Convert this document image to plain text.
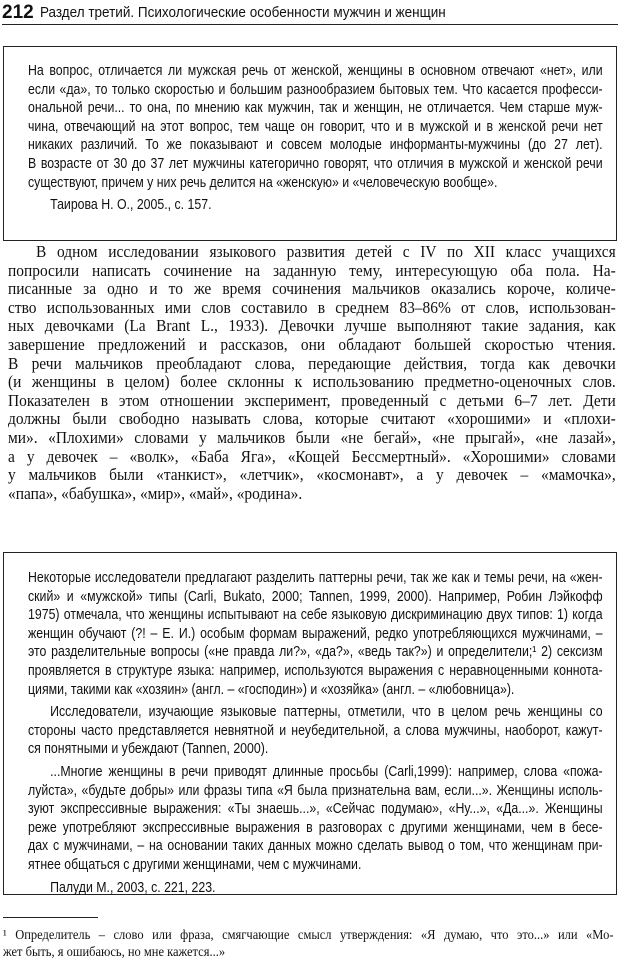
212 Раздел третий. Психологические особенности мужчин и женщин
На вопрос, отличается ли мужская речь от женской, женщины в основном отвечают «нет», или
если «да», то только скоростью и большим разнообразием бытовых тем. Что касается професси-
ональной речи... то она, по мнению как мужчин, так и женщин, не отличается. Чем старше муж-
чина, отвечающий на этот вопрос, тем чаще он говорит, что и в мужской и в женской речи нет
никаких различий. То же показывают и совсем молодые информанты-мужчины (до 27 лет).
В возрасте от 30 до 37 лет мужчины категорично говорят, что отличия в мужской и женской речи
существуют, причем у них речь делится на «женскую» и «человеческую вообще».
Таирова Н. О., 2005., с. 157.
В одном исследовании языкового развития детей с IV по XII класс учащихся
попросили написать сочинение на заданную тему, интересующую оба пола. На-
писанные за одно и то же время сочинения мальчиков оказались короче, количе-
ство использованных ими слов составило в среднем 83–86% от слов, использован-
ных девочками (La Brant L., 1933). Девочки лучше выполняют такие задания, как
завершение предложений и рассказов, они обладают большей скоростью чтения.
В речи мальчиков преобладают слова, передающие действия, тогда как девочки
(и женщины в целом) более склонны к использованию предметно-оценочных слов.
Показателен в этом отношении эксперимент, проведенный с детьми 6–7 лет. Дети
должны были свободно называть слова, которые считают «хорошими» и «плохи-
ми». «Плохими» словами у мальчиков были «не бегай», «не прыгай», «не лазай»,
а у девочек – «волк», «Баба Яга», «Кощей Бессмертный». «Хорошими» словами
у мальчиков были «танкист», «летчик», «космонавт», а у девочек – «мамочка»,
«папа», «бабушка», «мир», «май», «родина».
Некоторые исследователи предлагают разделить паттерны речи, так же как и темы речи, на «жен-
ский» и «мужской» типы (Carli, Bukato, 2000; Tannen, 1999, 2000). Например, Робин Лэйкофф
1975) отмечала, что женщины испытывают на себе языковую дискриминацию двух типов: 1) когда
женщин обучают (?! – Е. И.) особым формам выражений, редко употребляющихся мужчинами, –
это разделительные вопросы («не правда ли?», «да?», «ведь так?») и определители;¹ 2) сексизм
проявляется в структуре языка: например, используются выражения с неравноценными коннота-
циями, такими как «хозяин» (англ. – «господин») и «хозяйка» (англ. – «любовница»).
Исследователи, изучающие языковые паттерны, отметили, что в целом речь женщины со
стороны часто представляется невнятной и неубедительной, а слова мужчины, наоборот, кажут-
ся понятными и убеждают (Tannen, 2000).
...Многие женщины в речи приводят длинные просьбы (Carli,1999): например, слова «пожа-
луйста», «будьте добры» или фразы типа «Я была признательна вам, если...». Женщины исполь-
зуют экспрессивные выражения: «Ты знаешь...», «Сейчас подумаю», «Ну...», «Да...». Женщины
реже употребляют экспрессивные выражения в разговорах с другими женщинами, чем в бесе-
дах с мужчинами, – на основании таких данных можно сделать вывод о том, что женщинам при-
ятнее общаться с другими женщинами, чем с мужчинами.
Палуди М., 2003, с. 221, 223.
¹ Определитель – слово или фраза, смягчающие смысл утверждения: «Я думаю, что это...» или «Мо-
жет быть, я ошибаюсь, но мне кажется...»
